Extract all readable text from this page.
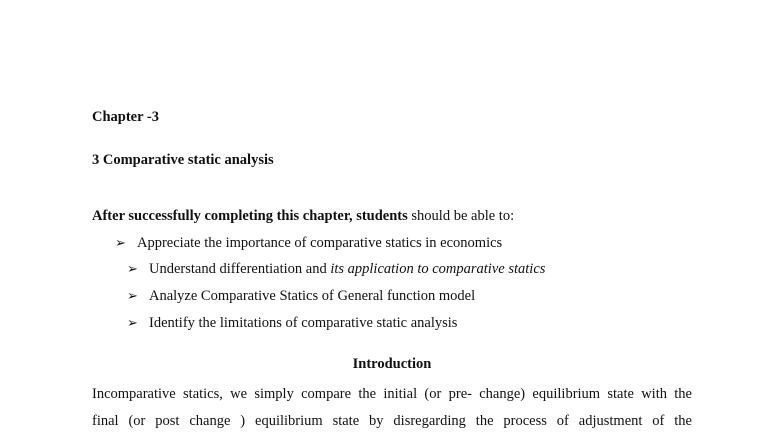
Chapter -3
3 Comparative static analysis
After successfully completing this chapter, students should be able to:
➢ Appreciate the importance of comparative statics in economics
➢ Understand differentiation and its application to comparative statics
➢ Analyze Comparative Statics of General function model
➢ Identify the limitations of comparative static analysis
Introduction
Incomparative statics, we simply compare the initial (or pre- change) equilibrium state with the
final (or post change ) equilibrium state by disregarding the process of adjustment of the
